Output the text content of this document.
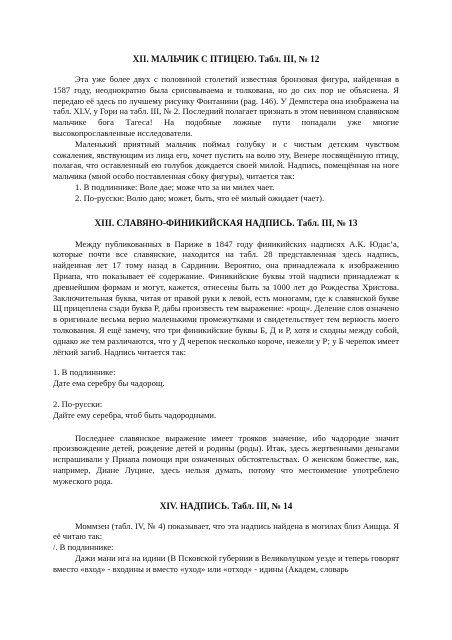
XII. МАЛЬЧИК С ПТИЦЕЮ. Табл. III, № 12

Эта уже более двух с половиной столетий известная бронзовая фигура, найденная в 1587 году, неоднократно была срисовываема и толкована, но до сих пор не объяснена. Я передаю её здесь по лучшему рисунку Фонтанини (pag. 146). У Демпстера она изображена на табл. XLV, у Гори на табл. III, № 2. Последний полагает признать в этом невинном славянском мальчике бога Tагеса! На подобные ложные пути попадали уже многие высокопрославленные исследователи.

Маленький приятный мальчик поймал голубку и с чистым детским чувством сожаления, явствующим из лица его, хочет пустить на волю эту, Венере посвящённую птицу, полагая, что оставленный ею голубок дождается своей милой. Надпись, помещённая на ноге мальчика (мной особо поставленная сбоку фигуры), читается так:

1. В подлиннике: Воле дае; може что за ни милех чает.

2. По-русски: Волю даю; может, быть, что её милый ожидает (чает).

XIII. СЛАВЯНО-ФИНИКИЙСКАЯ НАДПИСЬ. Табл. III, № 13

Между публикованных в Париже в 1847 году финикийских надписях А.К. Юдас’а, которые почти все славянские, находится на табл. 28 представленная здесь надпись, найденная лет 17 тому назад в Сардинии. Вероятно, она принадлежала к изображению Приапа, что показывает её содержание. Финикийские буквы этой надписи принадлежат к древнейшим формам и могут, кажется, отнесены быть за 1000 лет до Рождества Христова. Заключительная буква, читая от правой руки к левой, есть моногамм, где к славянской букве Щ прицеплена сзади буква Р, дабы произвесть тем выражение: «рощ». Деление слов означено в оригинале весьма верно маленькими промежутками и свидетельствует тем верность моего толкования. Я ещё замечу, что три финикийские буквы Б, Д и Р, хотя и сходны между собой, однако же тем различаются, что у Д черепок несколько короче, нежели у Р; у Б черепок имеет лёгкий загиб. Надпись читается так:

1. В подлиннике:

Дате ема серебру бы чадорощ.

2. По-русски:

Дайте ему серебра, чтоб быть чадородными.

Последнее славянское выражение имеет трояков значение, ибо чадородие значит произвождение детей, рождение детей и родины (роды). Итак, здесь жертвенными деньгами испрашивали у Приапа помощи при означенных обстоятельствах. О женском божестве, как, например, Диане Луцине, здесь нельзя думать, потому что местоимение употреблено мужеского рода.

XIV. НАДПИСЬ. Табл. III, № 14

Моммзен (табл. IV, № 4) показывает, что эта надпись найдена в могилах близ Аищца. Я её читаю так:

/. В подлиннике:

Дажи мани ига на идини (В Псковской губернии в Великолуцком уезде и теперь говорят вместо «вход» - входины и вместо «уход» или «отход» - идины (Академ, словарь
